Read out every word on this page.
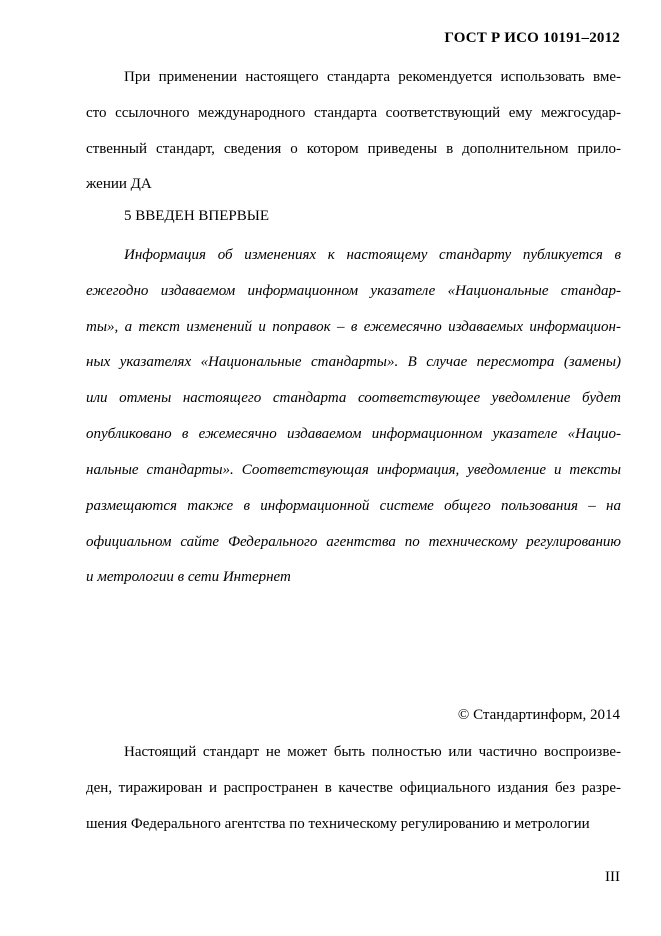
ГОСТ Р ИСО 10191–2012
При применении настоящего стандарта рекомендуется использовать вме-
сто ссылочного международного стандарта соответствующий ему межгосудар-
ственный стандарт, сведения о котором приведены в дополнительном прило-
жении ДА
5 ВВЕДЕН ВПЕРВЫЕ
Информация об изменениях к настоящему стандарту публикуется в
ежегодно издаваемом информационном указателе «Национальные стандар-
ты», а текст изменений и поправок – в ежемесячно издаваемых информацион-
ных указателях «Национальные стандарты». В случае пересмотра (замены)
или отмены настоящего стандарта соответствующее уведомление будет
опубликовано в ежемесячно издаваемом информационном указателе «Нацио-
нальные стандарты». Соответствующая информация, уведомление и тексты
размещаются также в информационной системе общего пользования – на
официальном сайте Федерального агентства по техническому регулированию
и метрологии в сети Интернет
© Стандартинформ, 2014
Настоящий стандарт не может быть полностью или частично воспроизве-
ден, тиражирован и распространен в качестве официального издания без разре-
шения Федерального агентства по техническому регулированию и метрологии
III
